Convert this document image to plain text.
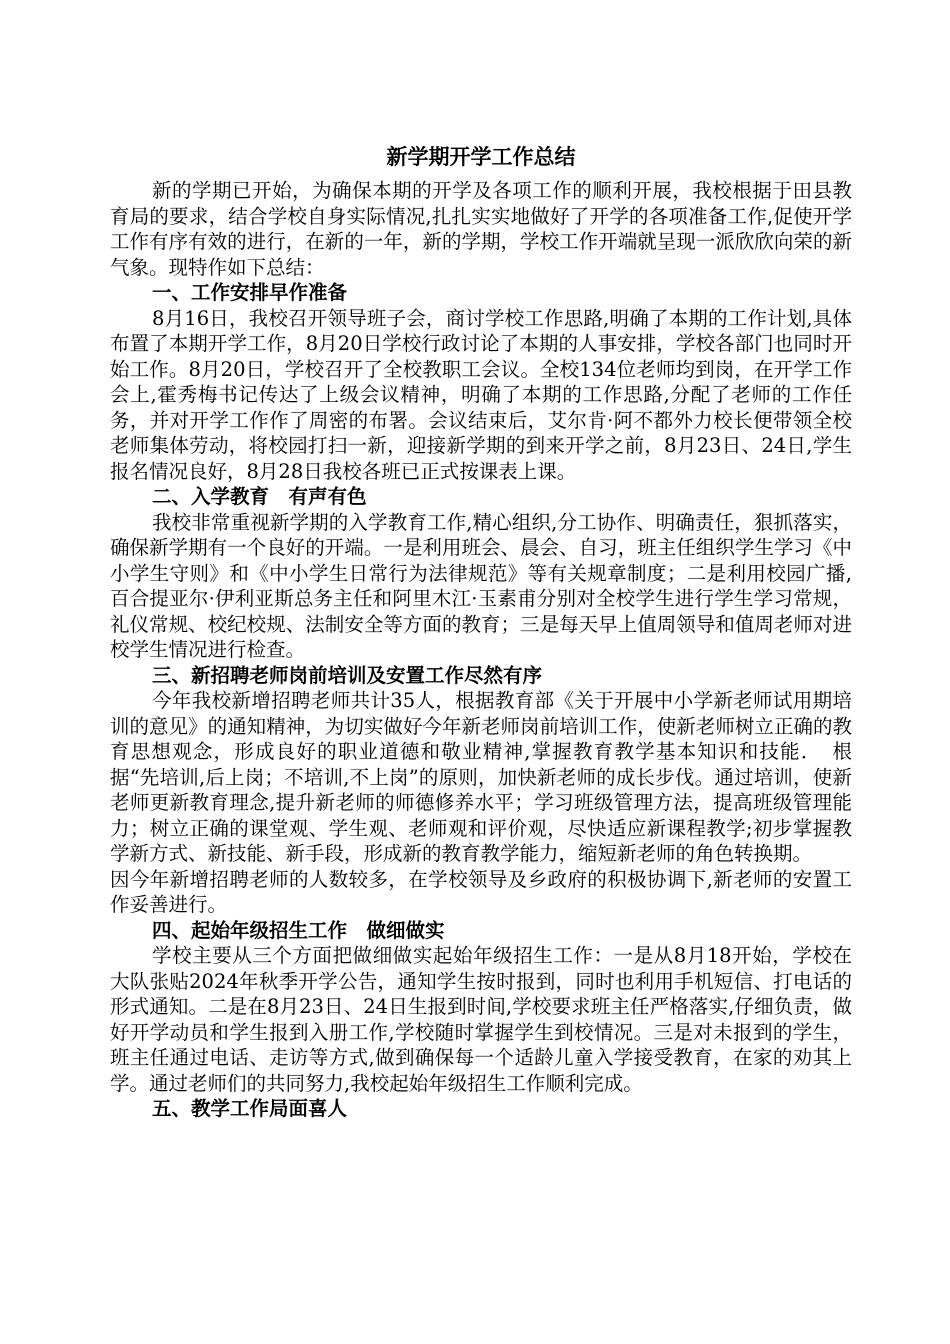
新学期开学工作总结

新的学期已开始，为确保本期的开学及各项工作的顺利开展，我校根据于田县教育局的要求，结合学校自身实际情况,扎扎实实地做好了开学的各项准备工作,促使开学工作有序有效的进行，在新的一年，新的学期，学校工作开端就呈现一派欣欣向荣的新气象。现特作如下总结：

一、工作安排早作准备

8月16日，我校召开领导班子会，商讨学校工作思路,明确了本期的工作计划,具体布置了本期开学工作，8月20日学校行政讨论了本期的人事安排，学校各部门也同时开始工作。8月20日，学校召开了全校教职工会议。全校134位老师均到岗，在开学工作会上,霍秀梅书记传达了上级会议精神，明确了本期的工作思路,分配了老师的工作任务，并对开学工作作了周密的布署。会议结束后，艾尔肯·阿不都外力校长便带领全校老师集体劳动，将校园打扫一新，迎接新学期的到来开学之前，8月23日、24日,学生报名情况良好，8月28日我校各班已正式按课表上课。

二、入学教育　有声有色

我校非常重视新学期的入学教育工作,精心组织,分工协作、明确责任，狠抓落实，确保新学期有一个良好的开端。一是利用班会、晨会、自习，班主任组织学生学习《中小学生守则》和《中小学生日常行为法律规范》等有关规章制度；二是利用校园广播,百合提亚尔·伊利亚斯总务主任和阿里木江·玉素甫分别对全校学生进行学生学习常规，礼仪常规、校纪校规、法制安全等方面的教育；三是每天早上值周领导和值周老师对进校学生情况进行检查。

三、新招聘老师岗前培训及安置工作尽然有序

今年我校新增招聘老师共计35人，根据教育部《关于开展中小学新老师试用期培训的意见》的通知精神，为切实做好今年新老师岗前培训工作，使新老师树立正确的教育思想观念，形成良好的职业道德和敬业精神,掌握教育教学基本知识和技能．　根据“先培训,后上岗；不培训,不上岗”的原则，加快新老师的成长步伐。通过培训，使新老师更新教育理念,提升新老师的师德修养水平；学习班级管理方法，提高班级管理能力；树立正确的课堂观、学生观、老师观和评价观，尽快适应新课程教学;初步掌握教学新方式、新技能、新手段，形成新的教育教学能力，缩短新老师的角色转换期。

因今年新增招聘老师的人数较多，在学校领导及乡政府的积极协调下,新老师的安置工作妥善进行。

四、起始年级招生工作　做细做实

学校主要从三个方面把做细做实起始年级招生工作：一是从8月18开始，学校在大队张贴2024年秋季开学公告，通知学生按时报到，同时也利用手机短信、打电话的形式通知。二是在8月23日、24日生报到时间,学校要求班主任严格落实,仔细负责，做好开学动员和学生报到入册工作,学校随时掌握学生到校情况。三是对未报到的学生，班主任通过电话、走访等方式,做到确保每一个适龄儿童入学接受教育，在家的劝其上学。通过老师们的共同努力,我校起始年级招生工作顺利完成。

五、教学工作局面喜人
